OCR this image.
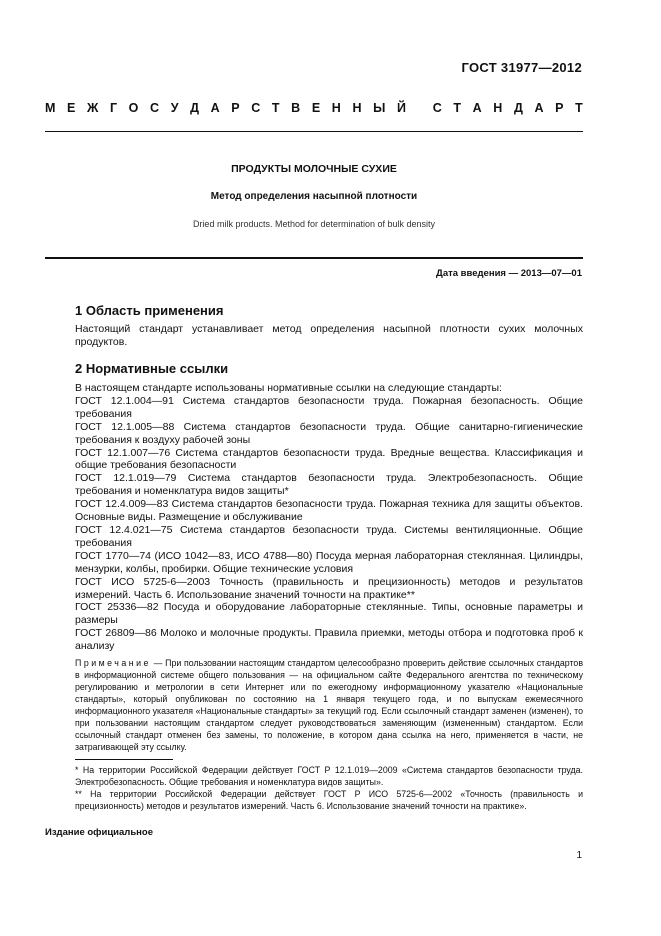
ГОСТ 31977—2012
М Е Ж Г О С У Д А Р С Т В Е Н Н Ы Й
С Т А Н Д А Р Т
ПРОДУКТЫ МОЛОЧНЫЕ СУХИЕ
Метод определения насыпной плотности
Dried milk products. Method for determination of bulk density
Дата введения — 2013—07—01
1 Область применения
Настоящий стандарт устанавливает метод определения насыпной плотности сухих молочных продуктов.
2 Нормативные ссылки

В настоящем стандарте использованы нормативные ссылки на следующие стандарты:

ГОСТ 12.1.004—91 Система стандартов безопасности труда. Пожарная безопасность. Общие требования

ГОСТ 12.1.005—88 Система стандартов безопасности труда. Общие санитарно-гигиенические требования к воздуху рабочей зоны

ГОСТ 12.1.007—76 Система стандартов безопасности труда. Вредные вещества. Классификация и общие требования безопасности

ГОСТ 12.1.019—79 Система стандартов безопасности труда. Электробезопасность. Общие требования и номенклатура видов защиты*

ГОСТ 12.4.009—83 Система стандартов безопасности труда. Пожарная техника для защиты объектов. Основные виды. Размещение и обслуживание

ГОСТ 12.4.021—75 Система стандартов безопасности труда. Системы вентиляционные. Общие требования

ГОСТ 1770—74 (ИСО 1042—83, ИСО 4788—80) Посуда мерная лабораторная стеклянная. Цилиндры, мензурки, колбы, пробирки. Общие технические условия

ГОСТ ИСО 5725-6—2003 Точность (правильность и прецизионность) методов и результатов измерений. Часть 6. Использование значений точности на практике**

ГОСТ 25336—82 Посуда и оборудование лабораторные стеклянные. Типы, основные параметры и размеры

ГОСТ 26809—86 Молоко и молочные продукты. Правила приемки, методы отбора и подготовка проб к анализу

Примечание — При пользовании настоящим стандартом целесообразно проверить действие ссылочных стандартов в информационной системе общего пользования — на официальном сайте Федерального агентства по техническому регулированию и метрологии в сети Интернет или по ежегодному информационному указателю «Национальные стандарты», который опубликован по состоянию на 1 января текущего года, и по выпускам ежемесячного информационного указателя «Национальные стандарты» за текущий год. Если ссылочный стандарт заменен (изменен), то при пользовании настоящим стандартом следует руководствоваться заменяющим (измененным) стандартом. Если ссылочный стандарт отменен без замены, то положение, в котором дана ссылка на него, применяется в части, не затрагивающей эту ссылку.
* На территории Российской Федерации действует ГОСТ Р 12.1.019—2009 «Система стандартов безопасности труда. Электробезопасность. Общие требования и номенклатура видов защиты».
** На территории Российской Федерации действует ГОСТ Р ИСО 5725-6—2002 «Точность (правильность и прецизионность) методов и результатов измерений. Часть 6. Использование значений точности на практике».
Издание официальное
1
